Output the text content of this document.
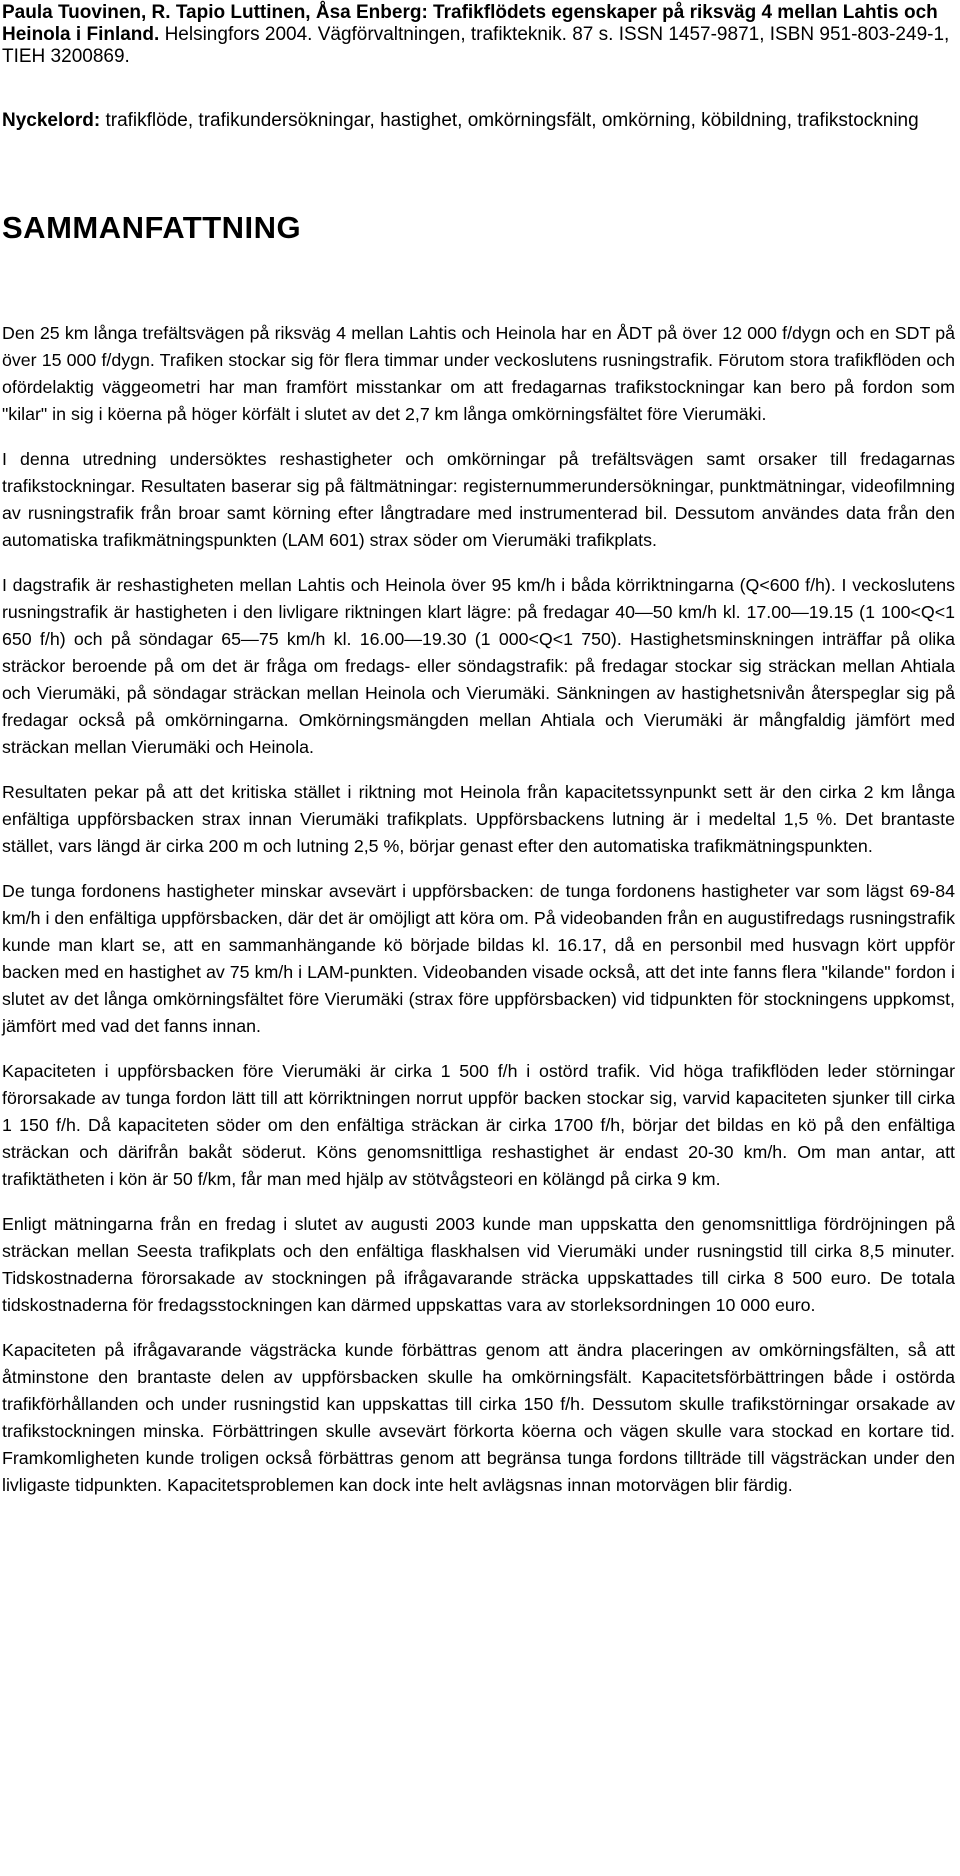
Paula Tuovinen, R. Tapio Luttinen, Åsa Enberg: Trafikflödets egenskaper på riksväg 4 mellan Lahtis och Heinola i Finland. Helsingfors 2004. Vägförvaltningen, trafikteknik. 87 s. ISSN 1457-9871, ISBN 951-803-249-1, TIEH 3200869.
Nyckelord: trafikflöde, trafikundersökningar, hastighet, omkörningsfält, omkörning, köbildning, trafikstockning
SAMMANFATTNING

Den 25 km långa trefältsvägen på riksväg 4 mellan Lahtis och Heinola har en ÅDT på över 12 000 f/dygn och en SDT på över 15 000 f/dygn. Trafiken stockar sig för flera timmar under veckoslutens rusningstrafik. Förutom stora trafikflöden och ofördelaktig väggeometri har man framfört misstankar om att fredagarnas trafikstockningar kan bero på fordon som "kilar" in sig i köerna på höger körfält i slutet av det 2,7 km långa omkörningsfältet före Vierumäki.

I denna utredning undersöktes reshastigheter och omkörningar på trefältsvägen samt orsaker till fredagarnas trafikstockningar. Resultaten baserar sig på fältmätningar: registernummerundersökningar, punktmätningar, videofilmning av rusningstrafik från broar samt körning efter långtradare med instrumenterad bil. Dessutom användes data från den automatiska trafikmätningspunkten (LAM 601) strax söder om Vierumäki trafikplats.

I dagstrafik är reshastigheten mellan Lahtis och Heinola över 95 km/h i båda körriktningarna (Q<600 f/h). I veckoslutens rusningstrafik är hastigheten i den livligare riktningen klart lägre: på fredagar 40—50 km/h kl. 17.00—19.15 (1 100<Q<1 650 f/h) och på söndagar 65—75 km/h kl. 16.00—19.30 (1 000<Q<1 750). Hastighetsminskningen inträffar på olika sträckor beroende på om det är fråga om fredags- eller söndagstrafik: på fredagar stockar sig sträckan mellan Ahtiala och Vierumäki, på söndagar sträckan mellan Heinola och Vierumäki. Sänkningen av hastighetsnivån återspeglar sig på fredagar också på omkörningarna. Omkörningsmängden mellan Ahtiala och Vierumäki är mångfaldig jämfört med sträckan mellan Vierumäki och Heinola.

Resultaten pekar på att det kritiska stället i riktning mot Heinola från kapacitetssynpunkt sett är den cirka 2 km långa enfältiga uppförsbacken strax innan Vierumäki trafikplats. Uppförsbackens lutning är i medeltal 1,5 %. Det brantaste stället, vars längd är cirka 200 m och lutning 2,5 %, börjar genast efter den automatiska trafikmätningspunkten.

De tunga fordonens hastigheter minskar avsevärt i uppförsbacken: de tunga fordonens hastigheter var som lägst 69-84 km/h i den enfältiga uppförsbacken, där det är omöjligt att köra om. På videobanden från en augustifredags rusningstrafik kunde man klart se, att en sammanhängande kö började bildas kl. 16.17, då en personbil med husvagn kört uppför backen med en hastighet av 75 km/h i LAM-punkten. Videobanden visade också, att det inte fanns flera "kilande" fordon i slutet av det långa omkörningsfältet före Vierumäki (strax före uppförsbacken) vid tidpunkten för stockningens uppkomst, jämfört med vad det fanns innan.

Kapaciteten i uppförsbacken före Vierumäki är cirka 1 500 f/h i ostörd trafik. Vid höga trafikflöden leder störningar förorsakade av tunga fordon lätt till att körriktningen norrut uppför backen stockar sig, varvid kapaciteten sjunker till cirka 1 150 f/h. Då kapaciteten söder om den enfältiga sträckan är cirka 1700 f/h, börjar det bildas en kö på den enfältiga sträckan och därifrån bakåt söderut. Köns genomsnittliga reshastighet är endast 20-30 km/h. Om man antar, att trafiktätheten i kön är 50 f/km, får man med hjälp av stötvågsteori en kölängd på cirka 9 km.

Enligt mätningarna från en fredag i slutet av augusti 2003 kunde man uppskatta den genomsnittliga fördröjningen på sträckan mellan Seesta trafikplats och den enfältiga flaskhalsen vid Vierumäki under rusningstid till cirka 8,5 minuter. Tidskostnaderna förorsakade av stockningen på ifrågavarande sträcka uppskattades till cirka 8 500 euro. De totala tidskostnaderna för fredagsstockningen kan därmed uppskattas vara av storleksordningen 10 000 euro.

Kapaciteten på ifrågavarande vägsträcka kunde förbättras genom att ändra placeringen av omkörningsfälten, så att åtminstone den brantaste delen av uppförsbacken skulle ha omkörningsfält. Kapacitetsförbättringen både i ostörda trafikförhållanden och under rusningstid kan uppskattas till cirka 150 f/h. Dessutom skulle trafikstörningar orsakade av trafikstockningen minska. Förbättringen skulle avsevärt förkorta köerna och vägen skulle vara stockad en kortare tid. Framkomligheten kunde troligen också förbättras genom att begränsa tunga fordons tillträde till vägsträckan under den livligaste tidpunkten. Kapacitetsproblemen kan dock inte helt avlägsnas innan motorvägen blir färdig.
